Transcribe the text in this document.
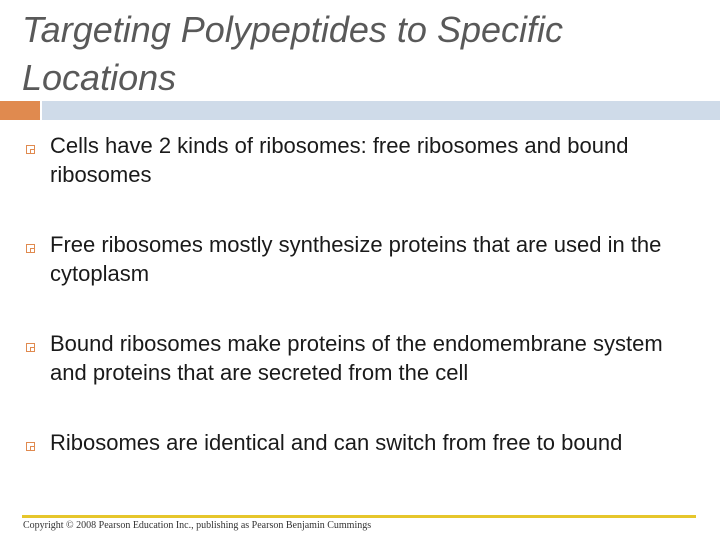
Targeting Polypeptides to Specific Locations
Cells have 2 kinds of ribosomes: free ribosomes and bound ribosomes
Free ribosomes mostly synthesize proteins that are used in the cytoplasm
Bound ribosomes make proteins of the endomembrane system and proteins that are secreted from the cell
Ribosomes are identical and can switch from free to bound
Copyright © 2008 Pearson Education Inc., publishing as Pearson Benjamin Cummings
